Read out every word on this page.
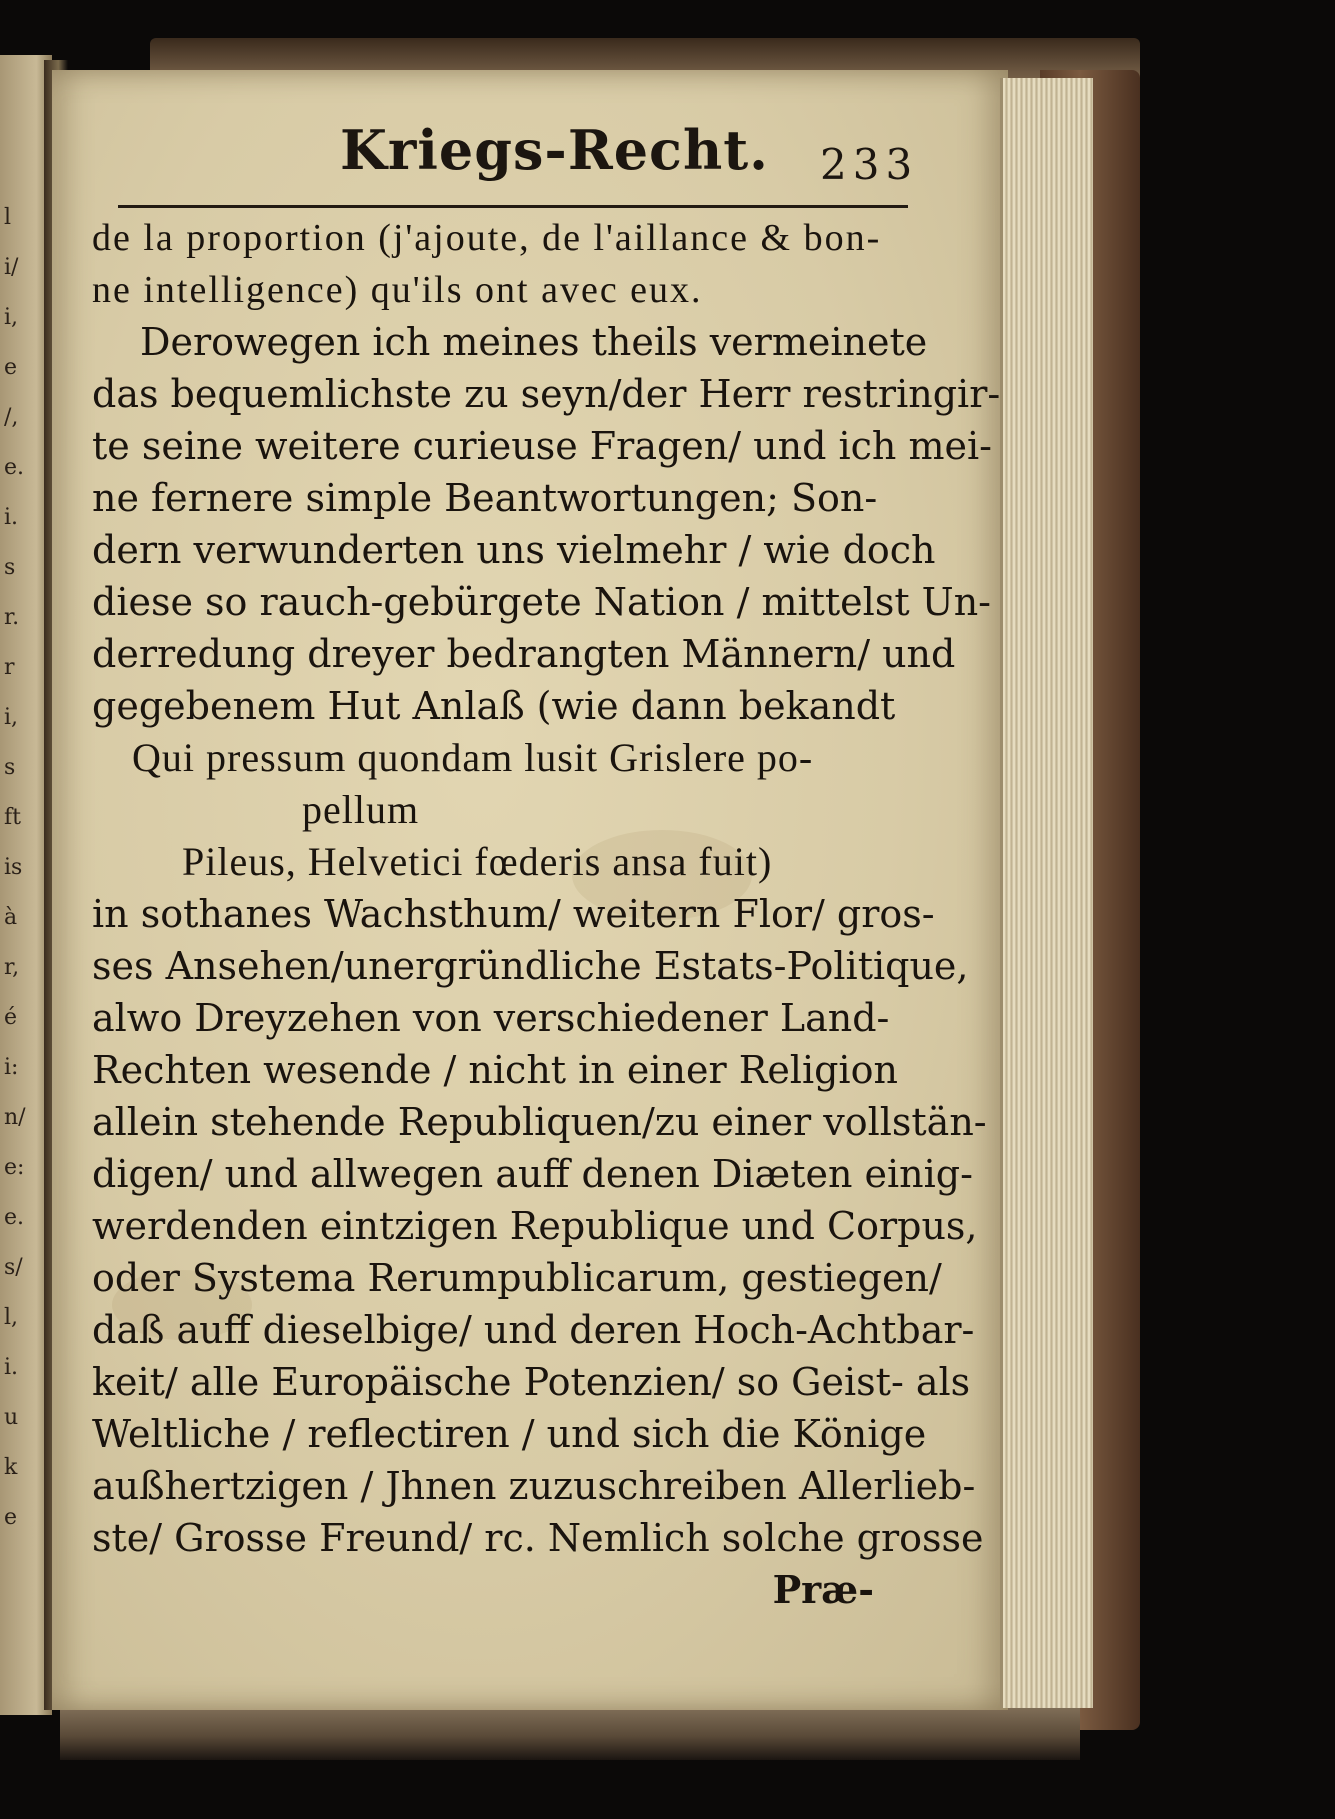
l
i/
i,
e
/,
e.
i.
s
r.
r
i,
s
ft
is
à
r,
é
i:
n/
e:
e.
s/
l,
i.
u
k
e
Kriegs-Recht. 233
de la proportion (j'ajoute, de l'aillance & bon-
ne intelligence) qu'ils ont avec eux.
Derowegen ich meines theils vermeinete
das bequemlichste zu seyn/der Herr restringir-
te seine weitere curieuse Fragen/ und ich mei-
ne fernere simple Beantwortungen; Son-
dern verwunderten uns vielmehr / wie doch
diese so rauch-gebürgete Nation / mittelst Un-
derredung dreyer bedrangten Männern/ und
gegebenem Hut Anlaß (wie dann bekandt
Qui pressum quondam lusit Grislere po-
pellum
Pileus, Helvetici fœderis ansa fuit)
in sothanes Wachsthum/ weitern Flor/ gros-
ses Ansehen/unergründliche Estats-Politique,
alwo Dreyzehen von verschiedener Land-
Rechten wesende / nicht in einer Religion
allein stehende Republiquen/zu einer vollstän-
digen/ und allwegen auff denen Diæten einig-
werdenden eintzigen Republique und Corpus,
oder Systema Rerumpublicarum, gestiegen/
daß auff dieselbige/ und deren Hoch-Achtbar-
keit/ alle Europäische Potenzien/ so Geist- als
Weltliche / reflectiren / und sich die Könige
außhertzigen / Jhnen zuzuschreiben Allerlieb-
ste/ Grosse Freund/ rc. Nemlich solche grosse
Præ-
